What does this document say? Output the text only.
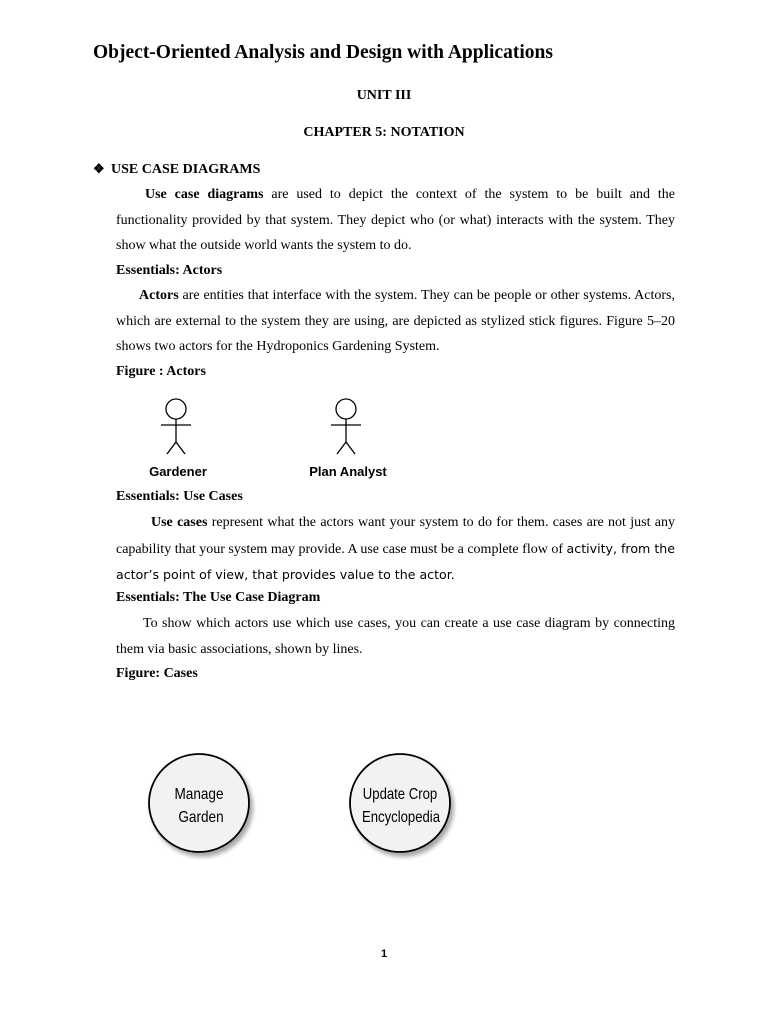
Object-Oriented Analysis and Design with Applications
UNIT III
CHAPTER 5: NOTATION
❖ USE CASE DIAGRAMS
Use case diagrams are used to depict the context of the system to be built and the functionality provided by that system. They depict who (or what) interacts with the system. They show what the outside world wants the system to do.
Essentials: Actors
Actors are entities that interface with the system. They can be people or other systems. Actors, which are external to the system they are using, are depicted as stylized stick figures. Figure 5–20 shows two actors for the Hydroponics Gardening System.
Figure : Actors
Gardener	Plan Analyst
Essentials: Use Cases
Use cases represent what the actors want your system to do for them. cases are not just any capability that your system may provide. A use case must be a complete flow of activity, from the actor’s point of view, that provides value to the actor.
Essentials: The Use Case Diagram
To show which actors use which use cases, you can create a use case diagram by connecting them via basic associations, shown by lines.
Figure: Cases
Manage
Garden
Update Crop
Encyclopedia
1
